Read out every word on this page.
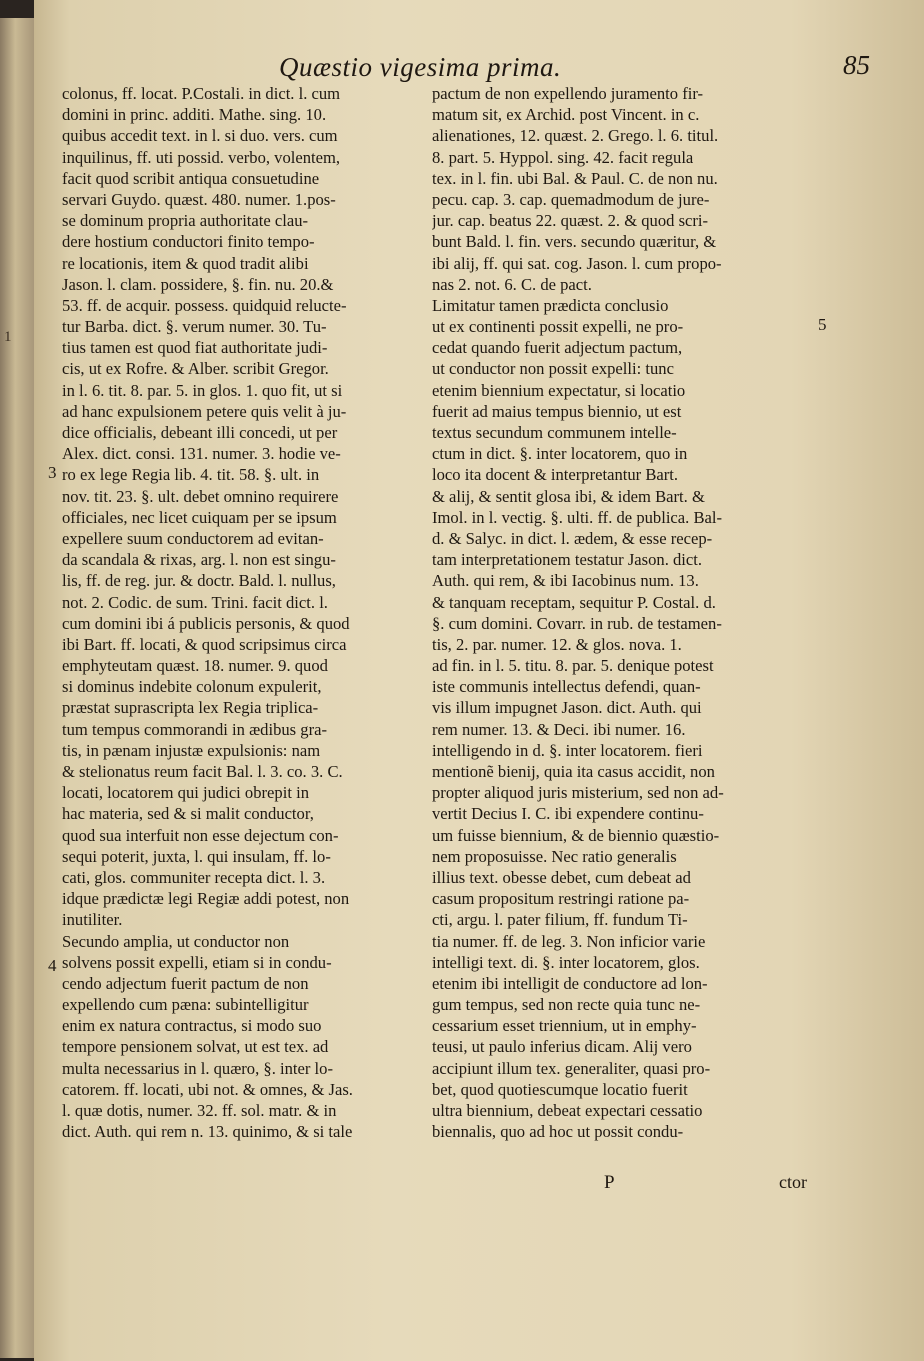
1
Quæstio vigesima prima.	85
colonus, ff. locat. P.Costali. in dict. l. cum
domini in princ. additi. Mathe. sing. 10.
quibus accedit text. in l. si duo. vers. cum
inquilinus, ff. uti possid. verbo, volentem,
facit quod scribit antiqua consuetudine
servari Guydo. quæst. 480. numer. 1.pos-
se dominum propria authoritate clau-
dere hostium conductori finito tempo-
re locationis, item & quod tradit alibi
Jason. l. clam. possidere, §. fin. nu. 20.&
53. ff. de acquir. possess. quidquid relucte-
tur Barba. dict. §. verum numer. 30. Tu-
tius tamen est quod fiat authoritate judi-
cis, ut ex Rofre. & Alber. scribit Gregor.
in l. 6. tit. 8. par. 5. in glos. 1. quo fit, ut si
ad hanc expulsionem petere quis velit à ju-
dice officialis, debeant illi concedi, ut per
Alex. dict. consi. 131. numer. 3. hodie ve-
ro ex lege Regia lib. 4. tit. 58. §. ult. in
nov. tit. 23. §. ult. debet omnino requirere
officiales, nec licet cuiquam per se ipsum
expellere suum conductorem ad evitan-
da scandala & rixas, arg. l. non est singu-
lis, ff. de reg. jur. & doctr. Bald. l. nullus,
not. 2. Codic. de sum. Trini. facit dict. l.
cum domini ibi á publicis personis, & quod
ibi Bart. ff. locati, & quod scripsimus circa
emphyteutam quæst. 18. numer. 9. quod
si dominus indebite colonum expulerit,
præstat suprascripta lex Regia triplica-
tum tempus commorandi in ædibus gra-
tis, in pænam injustæ expulsionis: nam
& stelionatus reum facit Bal. l. 3. co. 3. C.
locati, locatorem qui judici obrepit in
hac materia, sed & si malit conductor,
quod sua interfuit non esse dejectum con-
sequi poterit, juxta, l. qui insulam, ff. lo-
cati, glos. communiter recepta dict. l. 3.
idque prædictæ legi Regiæ addi potest, non
inutiliter.
Secundo amplia, ut conductor non
solvens possit expelli, etiam si in condu-
cendo adjectum fuerit pactum de non
expellendo cum pæna: subintelligitur
enim ex natura contractus, si modo suo
tempore pensionem solvat, ut est tex. ad
multa necessarius in l. quæro, §. inter lo-
catorem. ff. locati, ubi not. & omnes, & Jas.
l. quæ dotis, numer. 32. ff. sol. matr. & in
dict. Auth. qui rem n. 13. quinimo, & si tale
pactum de non expellendo juramento fir-
matum sit, ex Archid. post Vincent. in c.
alienationes, 12. quæst. 2. Grego. l. 6. titul.
8. part. 5. Hyppol. sing. 42. facit regula
tex. in l. fin. ubi Bal. & Paul. C. de non nu.
pecu. cap. 3. cap. quemadmodum de jure-
jur. cap. beatus 22. quæst. 2. & quod scri-
bunt Bald. l. fin. vers. secundo quæritur, &
ibi alij, ff. qui sat. cog. Jason. l. cum propo-
nas 2. not. 6. C. de pact.
Limitatur tamen prædicta conclusio
ut ex continenti possit expelli, ne pro-
cedat quando fuerit adjectum pactum,
ut conductor non possit expelli: tunc
etenim biennium expectatur, si locatio
fuerit ad maius tempus biennio, ut est
textus secundum communem intelle-
ctum in dict. §. inter locatorem, quo in
loco ita docent & interpretantur Bart.
& alij, & sentit glosa ibi, & idem Bart. &
Imol. in l. vectig. §. ulti. ff. de publica. Bal-
d. & Salyc. in dict. l. ædem, & esse recep-
tam interpretationem testatur Jason. dict.
Auth. qui rem, & ibi Iacobinus num. 13.
& tanquam receptam, sequitur P. Costal. d.
§. cum domini. Covarr. in rub. de testamen-
tis, 2. par. numer. 12. & glos. nova. 1.
ad fin. in l. 5. titu. 8. par. 5. denique potest
iste communis intellectus defendi, quan-
vis illum impugnet Jason. dict. Auth. qui
rem numer. 13. & Deci. ibi numer. 16.
intelligendo in d. §. inter locatorem. fieri
mentionẽ bienij, quia ita casus accidit, non
propter aliquod juris misterium, sed non ad-
vertit Decius I. C. ibi expendere continu-
um fuisse biennium, & de biennio quæstio-
nem proposuisse. Nec ratio generalis
illius text. obesse debet, cum debeat ad
casum propositum restringi ratione pa-
cti, argu. l. pater filium, ff. fundum Ti-
tia numer. ff. de leg. 3. Non inficior varie
intelligi text. di. §. inter locatorem, glos.
etenim ibi intelligit de conductore ad lon-
gum tempus, sed non recte quia tunc ne-
cessarium esset triennium, ut in emphy-
teusi, ut paulo inferius dicam. Alij vero
accipiunt illum tex. generaliter, quasi pro-
bet, quod quotiescumque locatio fuerit
ultra biennium, debeat expectari cessatio
biennalis, quo ad hoc ut possit condu-
3
4
5
P	ctor
